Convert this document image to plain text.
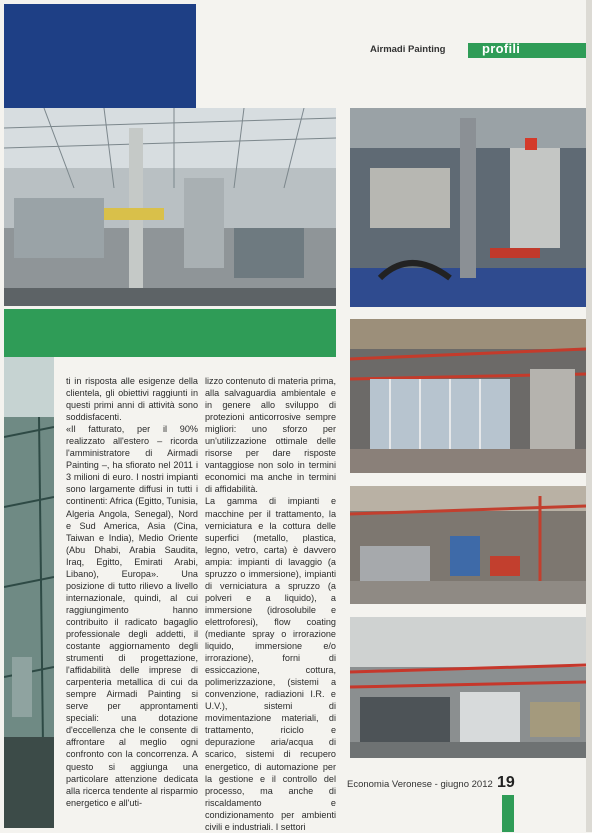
Airmadi Painting	profili

ti in risposta alle esigenze della clientela, gli obiettivi raggiunti in questi primi anni di attività sono soddisfacenti.

«Il fatturato, per il 90% realizzato all'estero – ricorda l'amministratore di Airmadi Painting –, ha sfiorato nel 2011 i 3 milioni di euro. I nostri impianti sono largamente diffusi in tutti i continenti: Africa (Egitto, Tunisia, Algeria Angola, Senegal), Nord e Sud America, Asia (Cina, Taiwan e India), Medio Oriente (Abu Dhabi, Arabia Saudita, Iraq, Egitto, Emirati Arabi, Libano), Europa». Una posizione di tutto rilievo a livello internazionale, quindi, al cui raggiungimento hanno contribuito il radicato bagaglio professionale degli addetti, il costante aggiornamento degli strumenti di progettazione, l'affidabilità delle imprese di carpenteria metallica di cui da sempre Airmadi Painting si serve per approntamenti speciali: una dotazione d'eccellenza che le consente di affrontare al meglio ogni confronto con la concorrenza. A questo si aggiunga una particolare attenzione dedicata alla ricerca tendente al risparmio energetico e all'uti-

lizzo contenuto di materia prima, alla salvaguardia ambientale e in genere allo sviluppo di protezioni anticorrosive sempre migliori: uno sforzo per un'utilizzazione ottimale delle risorse per dare risposte vantaggiose non solo in termini economici ma anche in termini di affidabilità.

La gamma di impianti e macchine per il trattamento, la verniciatura e la cottura delle superfici (metallo, plastica, legno, vetro, carta) è davvero ampia: impianti di lavaggio (a spruzzo o immersione), impianti di verniciatura a spruzzo (a polveri e a liquido), a immersione (idrosolubile e elettroforesi), flow coating (mediante spray o irrorazione liquido, immersione e/o irrorazione), forni di essiccazione, cottura, polimerizzazione, (sistemi a convenzione, radiazioni I.R. e U.V.), sistemi di movimentazione materiali, di trattamento, riciclo e depurazione aria/acqua di scarico, sistemi di recupero energetico, di automazione per la gestione e il controllo del processo, ma anche di riscaldamento e condizionamento per ambienti civili e industriali. I settori

Economia Veronese - giugno 2012 19
